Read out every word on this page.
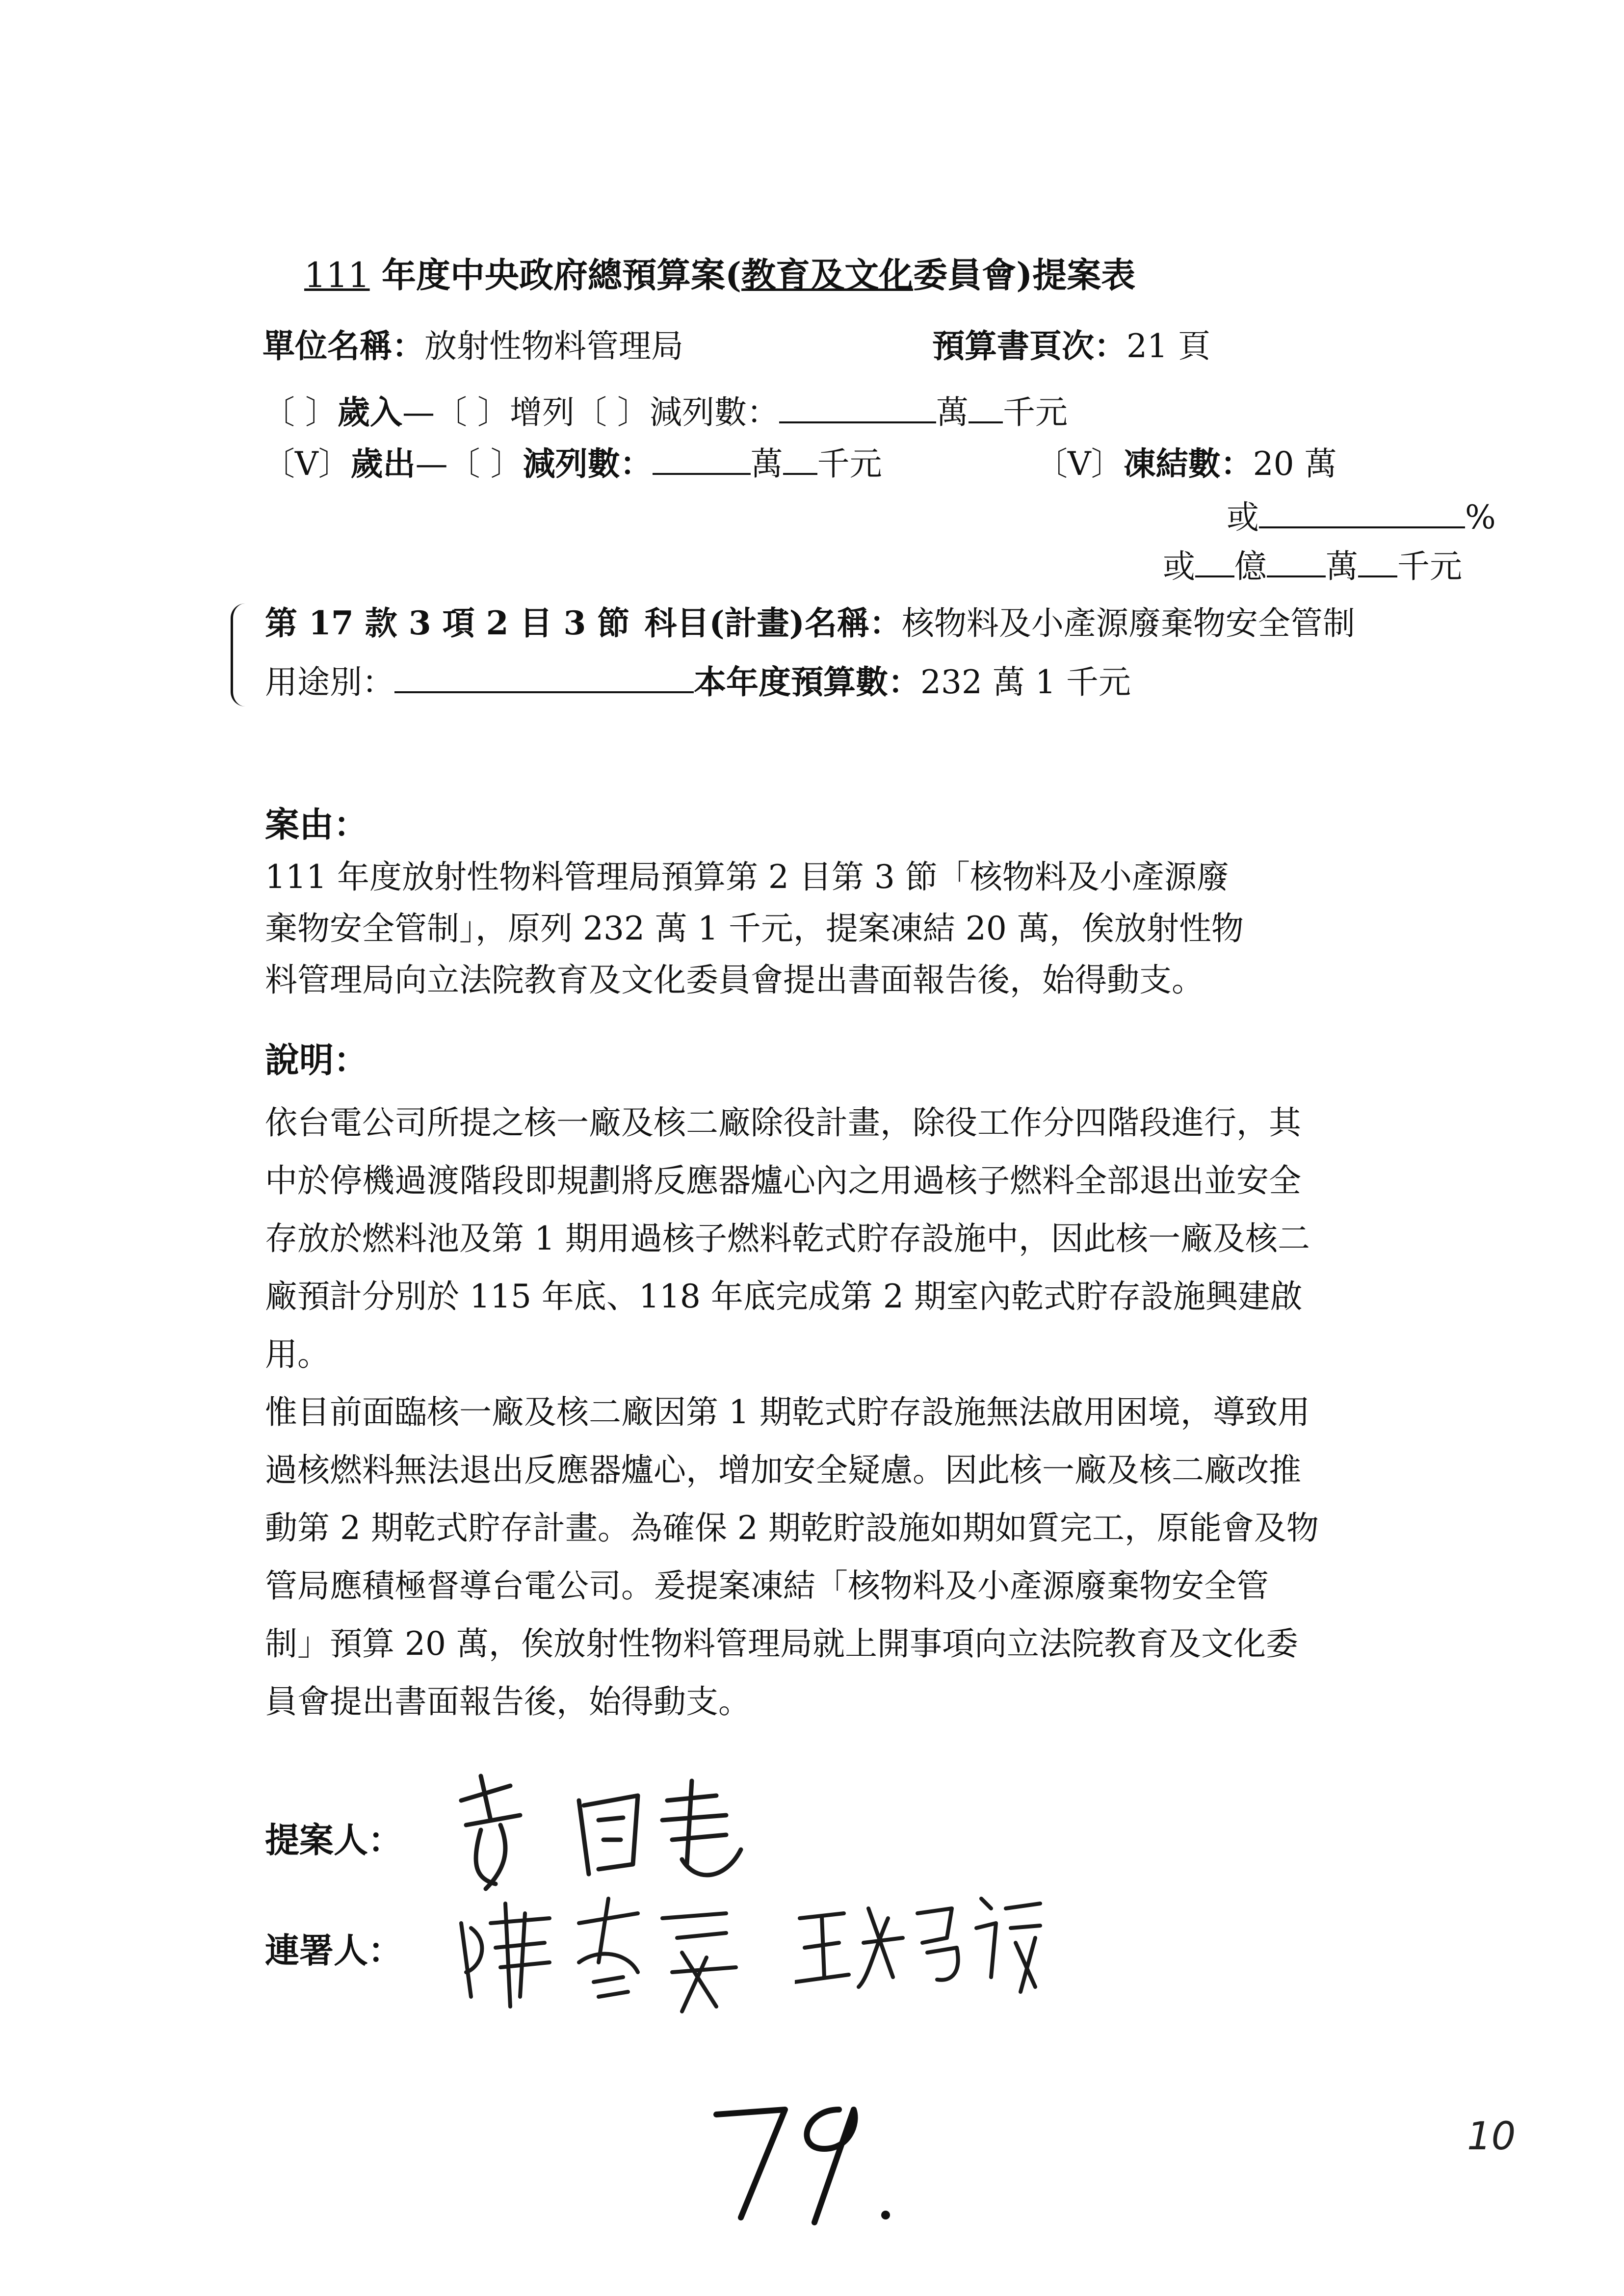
111 年度中央政府總預算案(教育及文化委員會)提案表
單位名稱：放射性物料管理局	預算書頁次：21 頁
〔 〕歲入—〔 〕增列〔 〕減列數：	萬 千元
〔V〕歲出—〔 〕減列數：	萬 千元	〔V〕凍結數：20 萬
或	%
或 億 萬 千元
第 17 款 3 項 2 目 3 節 科目(計畫)名稱：核物料及小產源廢棄物安全管制
用途別：	本年度預算數：232 萬 1 千元
案由：
111 年度放射性物料管理局預算第 2 目第 3 節「核物料及小產源廢
棄物安全管制」，原列 232 萬 1 千元，提案凍結 20 萬，俟放射性物
料管理局向立法院教育及文化委員會提出書面報告後，始得動支。
說明：
依台電公司所提之核一廠及核二廠除役計畫，除役工作分四階段進行，其
中於停機過渡階段即規劃將反應器爐心內之用過核子燃料全部退出並安全
存放於燃料池及第 1 期用過核子燃料乾式貯存設施中，因此核一廠及核二
廠預計分別於 115 年底、118 年底完成第 2 期室內乾式貯存設施興建啟
用。
惟目前面臨核一廠及核二廠因第 1 期乾式貯存設施無法啟用困境，導致用
過核燃料無法退出反應器爐心，增加安全疑慮。因此核一廠及核二廠改推
動第 2 期乾式貯存計畫。為確保 2 期乾貯設施如期如質完工，原能會及物
管局應積極督導台電公司。爰提案凍結「核物料及小產源廢棄物安全管
制」預算 20 萬，俟放射性物料管理局就上開事項向立法院教育及文化委
員會提出書面報告後，始得動支。
提案人：
連署人：
10
